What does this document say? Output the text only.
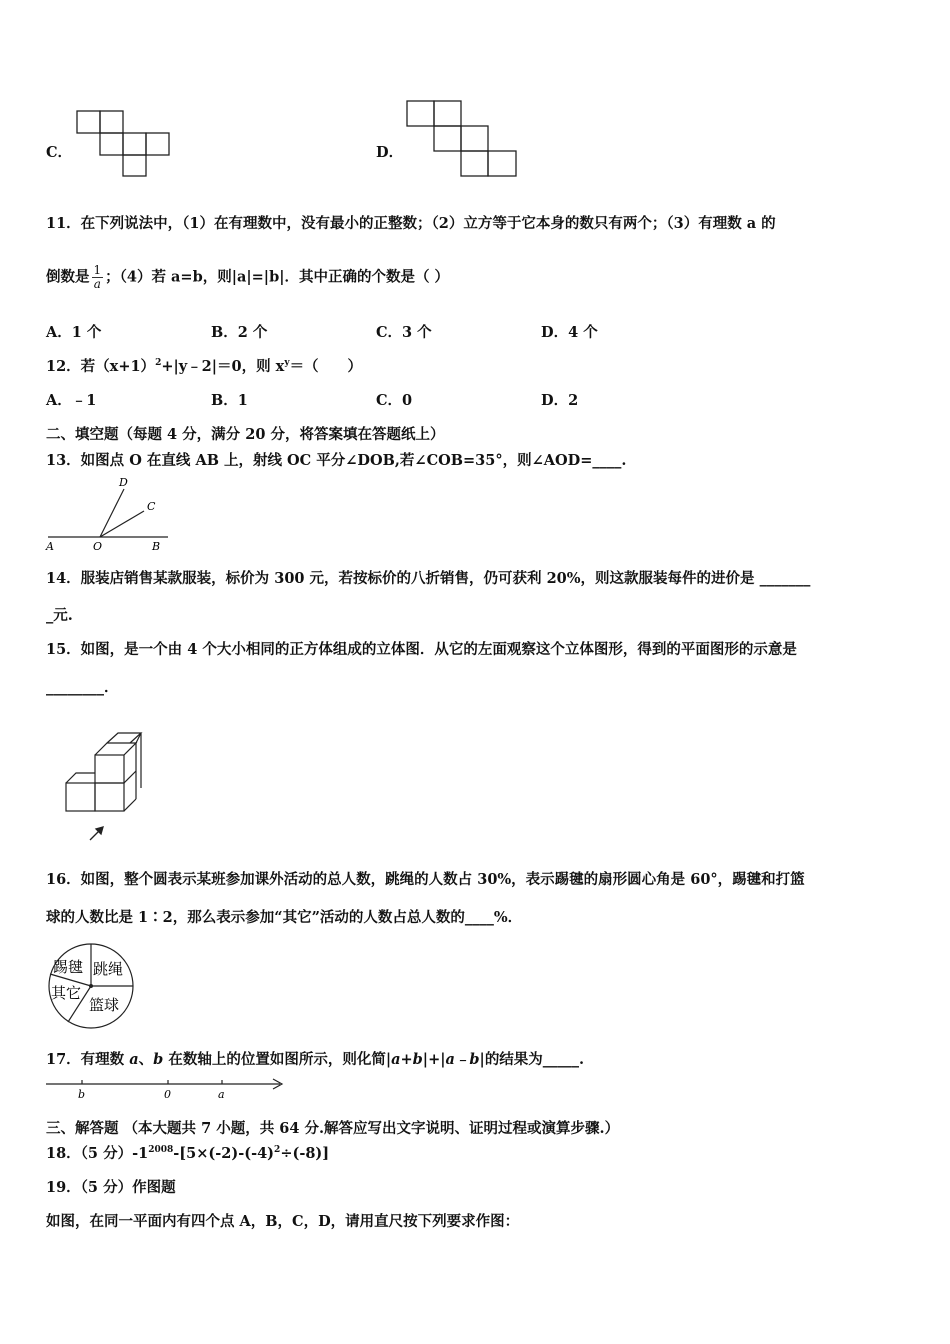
C．	D．
11．在下列说法中，（1）在有理数中，没有最小的正整数；（2）立方等于它本身的数只有两个；（3）有理数 a 的
倒数是 $\frac{1}{a}$ ；（4）若 a=b，则|a|=|b|．其中正确的个数是（ ）
A．1 个	B．2 个	C．3 个	D．4 个
12．若$(x+1)^2+|y﹣2|=0$，则 $x^y=$（　　）
A．﹣1	B．1	C．0	D．2
二、填空题（每题 4 分，满分 20 分，将答案填在答题纸上）
13．如图点 O 在直线 AB 上，射线 OC 平分∠DOB,若∠COB=35°，则∠AOD=____.
A	O	B
C
D
14．服装店销售某款服装，标价为 300 元，若按标价的八折销售，仍可获利 20%，则这款服装每件的进价是 _______
_元.
15．如图，是一个由 4 个大小相同的正方体组成的立体图．从它的左面观察这个立体图形，得到的平面图形的示意是
________．
16．如图，整个圆表示某班参加课外活动的总人数，跳绳的人数占 30%，表示踢毽的扇形圆心角是 60°，踢毽和打篮
球的人数比是 1∶2，那么表示参加“其它”活动的人数占总人数的____%．
踢毽 跳绳
其它
篮球
17．有理数 a、b 在数轴上的位置如图所示，则化简|a+b|+|a﹣b|的结果为_____.
b	0	a
三、解答题 （本大题共 7 小题，共 64 分.解答应写出文字说明、证明过程或演算步骤.）
18．（5 分）$-1^{2008}-[5\times(-2)-(-4)^2\div(-8)]$
19．（5 分）作图题
如图，在同一平面内有四个点 A，B，C，D，请用直尺按下列要求作图：
